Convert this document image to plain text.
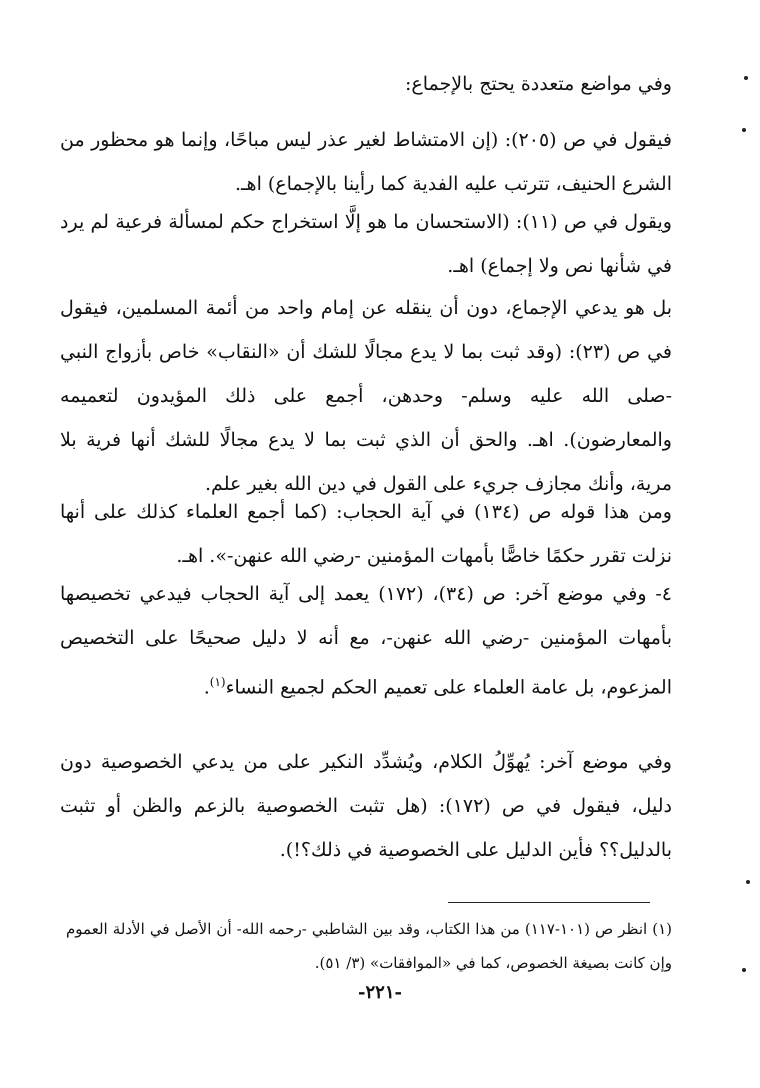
وفي مواضع متعددة يحتج بالإجماع:

فيقول في ص (٢٠٥): (إن الامتشاط لغير عذر ليس مباحًا، وإنما هو محظور من الشرع الحنيف، تترتب عليه الفدية كما رأينا بالإجماع) اهـ.

ويقول في ص (١١): (الاستحسان ما هو إلَّا استخراج حكم لمسألة فرعية لم يرد في شأنها نص ولا إجماع) اهـ.

بل هو يدعي الإجماع، دون أن ينقله عن إمام واحد من أئمة المسلمين، فيقول في ص (٢٣): (وقد ثبت بما لا يدع مجالًا للشك أن «النقاب» خاص بأزواج النبي -صلى الله عليه وسلم- وحدهن، أجمع على ذلك المؤيدون لتعميمه والمعارضون). اهـ. والحق أن الذي ثبت بما لا يدع مجالًا للشك أنها فرية بلا مرية، وأنك مجازف جريء على القول في دين الله بغير علم.

ومن هذا قوله ص (١٣٤) في آية الحجاب: (كما أجمع العلماء كذلك على أنها نزلت تقرر حكمًا خاصًّا بأمهات المؤمنين -رضي الله عنهن-». اهـ.

٤- وفي موضع آخر: ص (٣٤)، (١٧٢) يعمد إلى آية الحجاب فيدعي تخصيصها بأمهات المؤمنين -رضي الله عنهن-، مع أنه لا دليل صحيحًا على التخصيص المزعوم، بل عامة العلماء على تعميم الحكم لجميع النساء$^{(١)}$.

وفي موضع آخر: يُهوِّلُ الكلام، ويُشدِّد النكير على من يدعي الخصوصية دون دليل، فيقول في ص (١٧٢): (هل تثبت الخصوصية بالزعم والظن أو تثبت بالدليل؟؟ فأين الدليل على الخصوصية في ذلك؟!).

(١) انظر ص (١٠١-١١٧) من هذا الكتاب، وقد بين الشاطبي -رحمه الله- أن الأصل في الأدلة العموم وإن كانت بصيغة الخصوص، كما في «الموافقات» (٣/ ٥١).

-٢٢١-
